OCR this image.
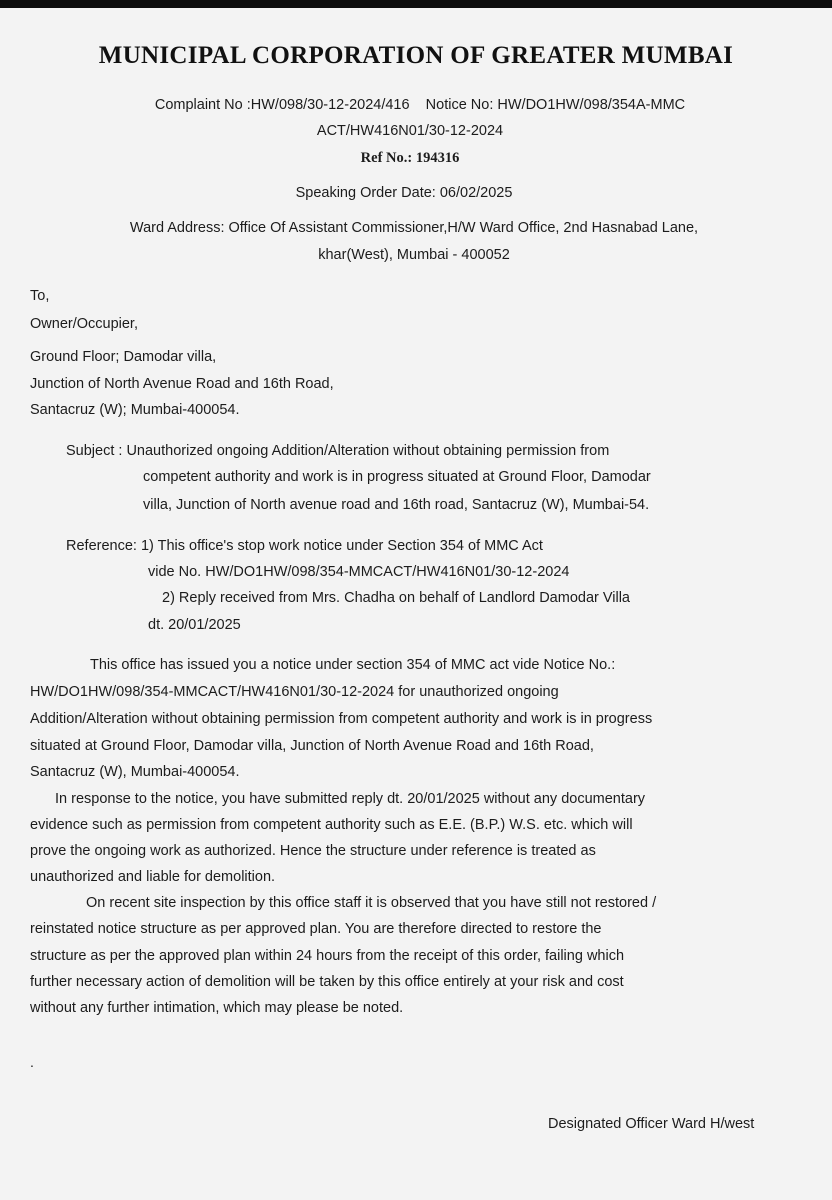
MUNICIPAL CORPORATION OF GREATER MUMBAI
Complaint No :HW/098/30-12-2024/416    Notice No: HW/DO1HW/098/354A-MMC
ACT/HW416N01/30-12-2024
Ref No.: 194316
Speaking Order Date: 06/02/2025
Ward Address: Office Of Assistant Commissioner,H/W Ward Office, 2nd Hasnabad Lane,
khar(West), Mumbai - 400052
To,
Owner/Occupier,
Ground Floor; Damodar villa,
Junction of North Avenue Road and 16th Road,
Santacruz (W); Mumbai-400054.
Subject : Unauthorized ongoing Addition/Alteration without obtaining permission from
competent authority and work is in progress situated at Ground Floor, Damodar
villa, Junction of North avenue road and 16th road, Santacruz (W), Mumbai-54.
Reference: 1) This office's stop work notice under Section 354 of MMC Act
vide No. HW/DO1HW/098/354-MMCACT/HW416N01/30-12-2024
2) Reply received from Mrs. Chadha on behalf of Landlord Damodar Villa
dt. 20/01/2025
This office has issued you a notice under section 354 of MMC act vide Notice No.:
HW/DO1HW/098/354-MMCACT/HW416N01/30-12-2024 for unauthorized ongoing
Addition/Alteration without obtaining permission from competent authority and work is in progress
situated at Ground Floor, Damodar villa, Junction of North Avenue Road and 16th Road,
Santacruz (W), Mumbai-400054.
In response to the notice, you have submitted reply dt. 20/01/2025 without any documentary
evidence such as permission from competent authority such as E.E. (B.P.) W.S. etc. which will
prove the ongoing work as authorized. Hence the structure under reference is treated as
unauthorized and liable for demolition.
On recent site inspection by this office staff it is observed that you have still not restored /
reinstated notice structure as per approved plan. You are therefore directed to restore the
structure as per the approved plan within 24 hours from the receipt of this order, failing which
further necessary action of demolition will be taken by this office entirely at your risk and cost
without any further intimation, which may please be noted.
.
Designated Officer Ward H/west
